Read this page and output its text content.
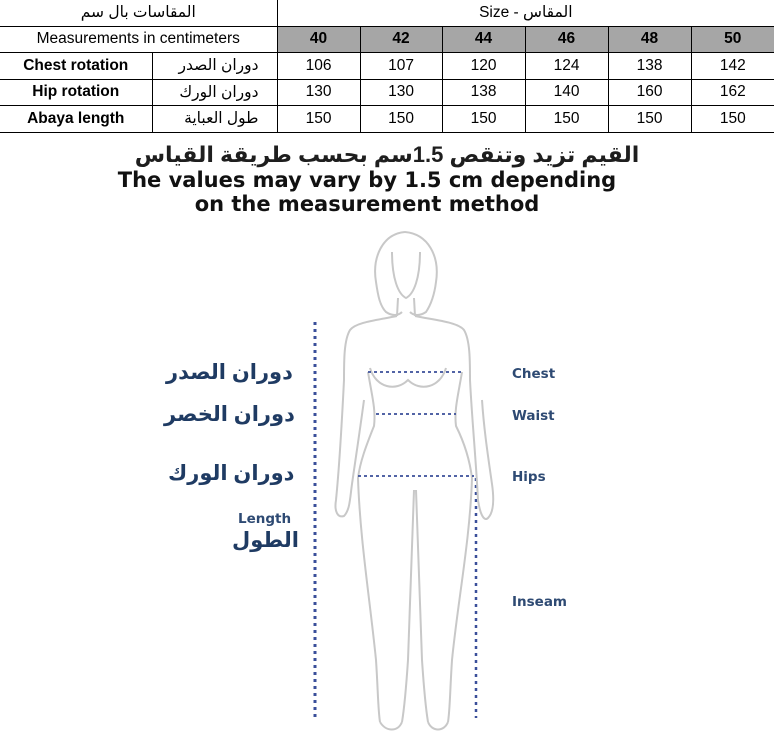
المقاسات بال سم		Size - المقاس					
Measurements in centimeters		40	42	44	46	48	50
Chest rotation	دوران الصدر	106	107	120	124	138	142
Hip rotation	دوران الورك	130	130	138	140	160	162
Abaya length	طول العباية	150	150	150	150	150	150
القيم تزيد وتنقص 1.5سم بحسب طريقة القياس
The values may vary by 1.5 cm depending
on the measurement method
دوران الصدر
دوران الخصر
دوران الورك
Length
الطول
Chest
Waist
Hips
Inseam
